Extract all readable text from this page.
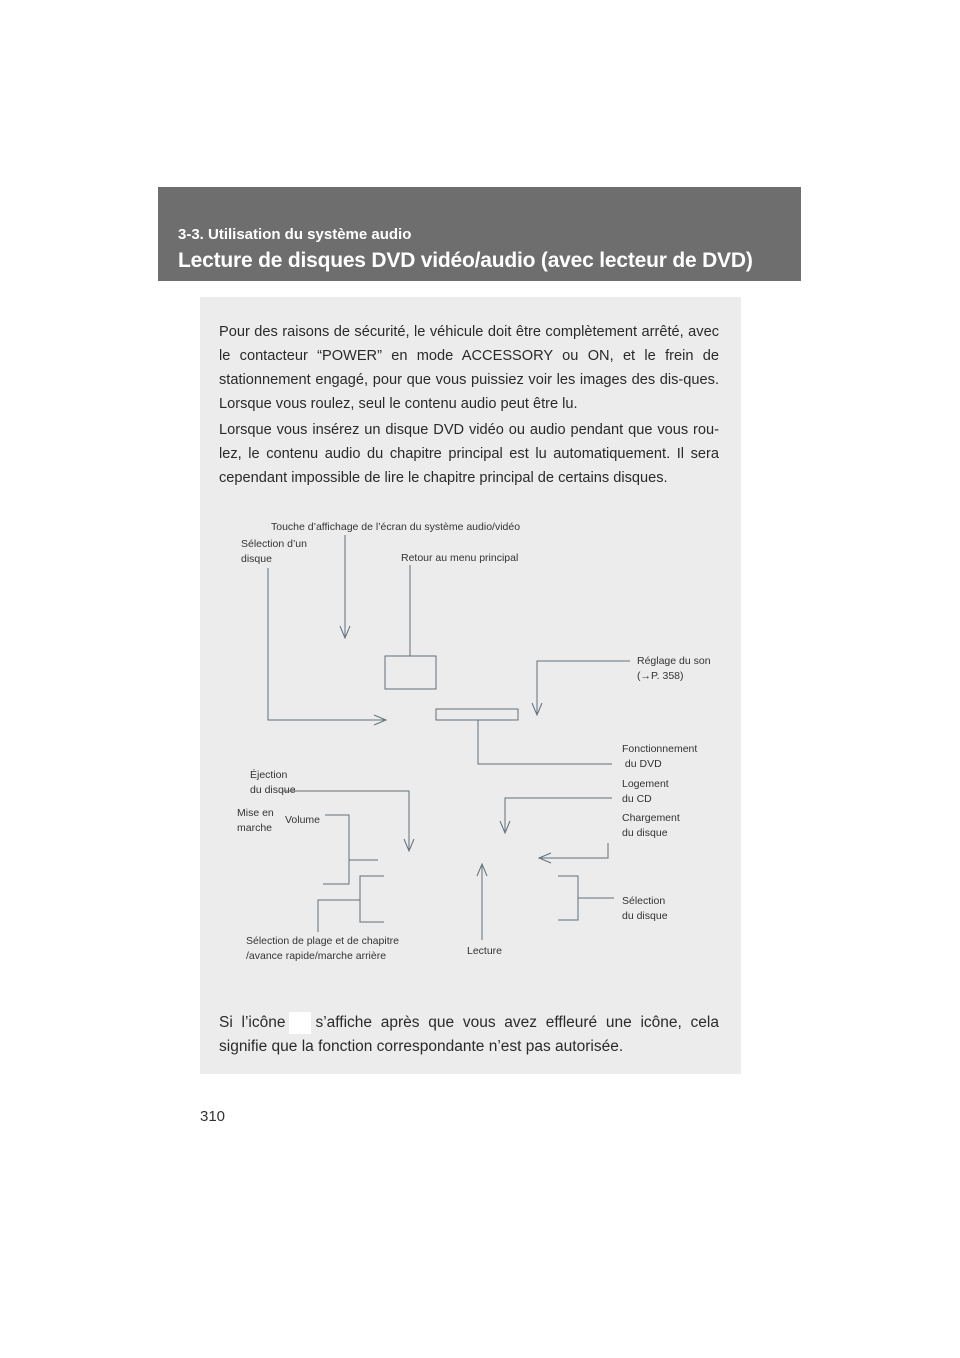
3-3. Utilisation du système audio
Lecture de disques DVD vidéo/audio (avec lecteur de DVD)

Pour des raisons de sécurité, le véhicule doit être complètement arrêté, avec le contacteur “POWER” en mode ACCESSORY ou ON, et le frein de stationnement engagé, pour que vous puissiez voir les images des dis-ques. Lorsque vous roulez, seul le contenu audio peut être lu.

Lorsque vous insérez un disque DVD vidéo ou audio pendant que vous rou-lez, le contenu audio du chapitre principal est lu automatiquement. Il sera cependant impossible de lire le chapitre principal de certains disques.

Si l’icône s’affiche après que vous avez effleuré une icône, cela signifie que la fonction correspondante n’est pas autorisée.

Touche d’affichage de l’écran du système audio/vidéo

Sélection d’un
disque	Retour au menu principal

Réglage du son
(→P. 358)

Fonctionnement
du DVD

Éjection
du disque	Logement
du CD

Mise en
marche

Volume	Chargement
du disque

Sélection
du disque

Sélection de plage et de chapitre
/avance rapide/marche arrière	Lecture

310
